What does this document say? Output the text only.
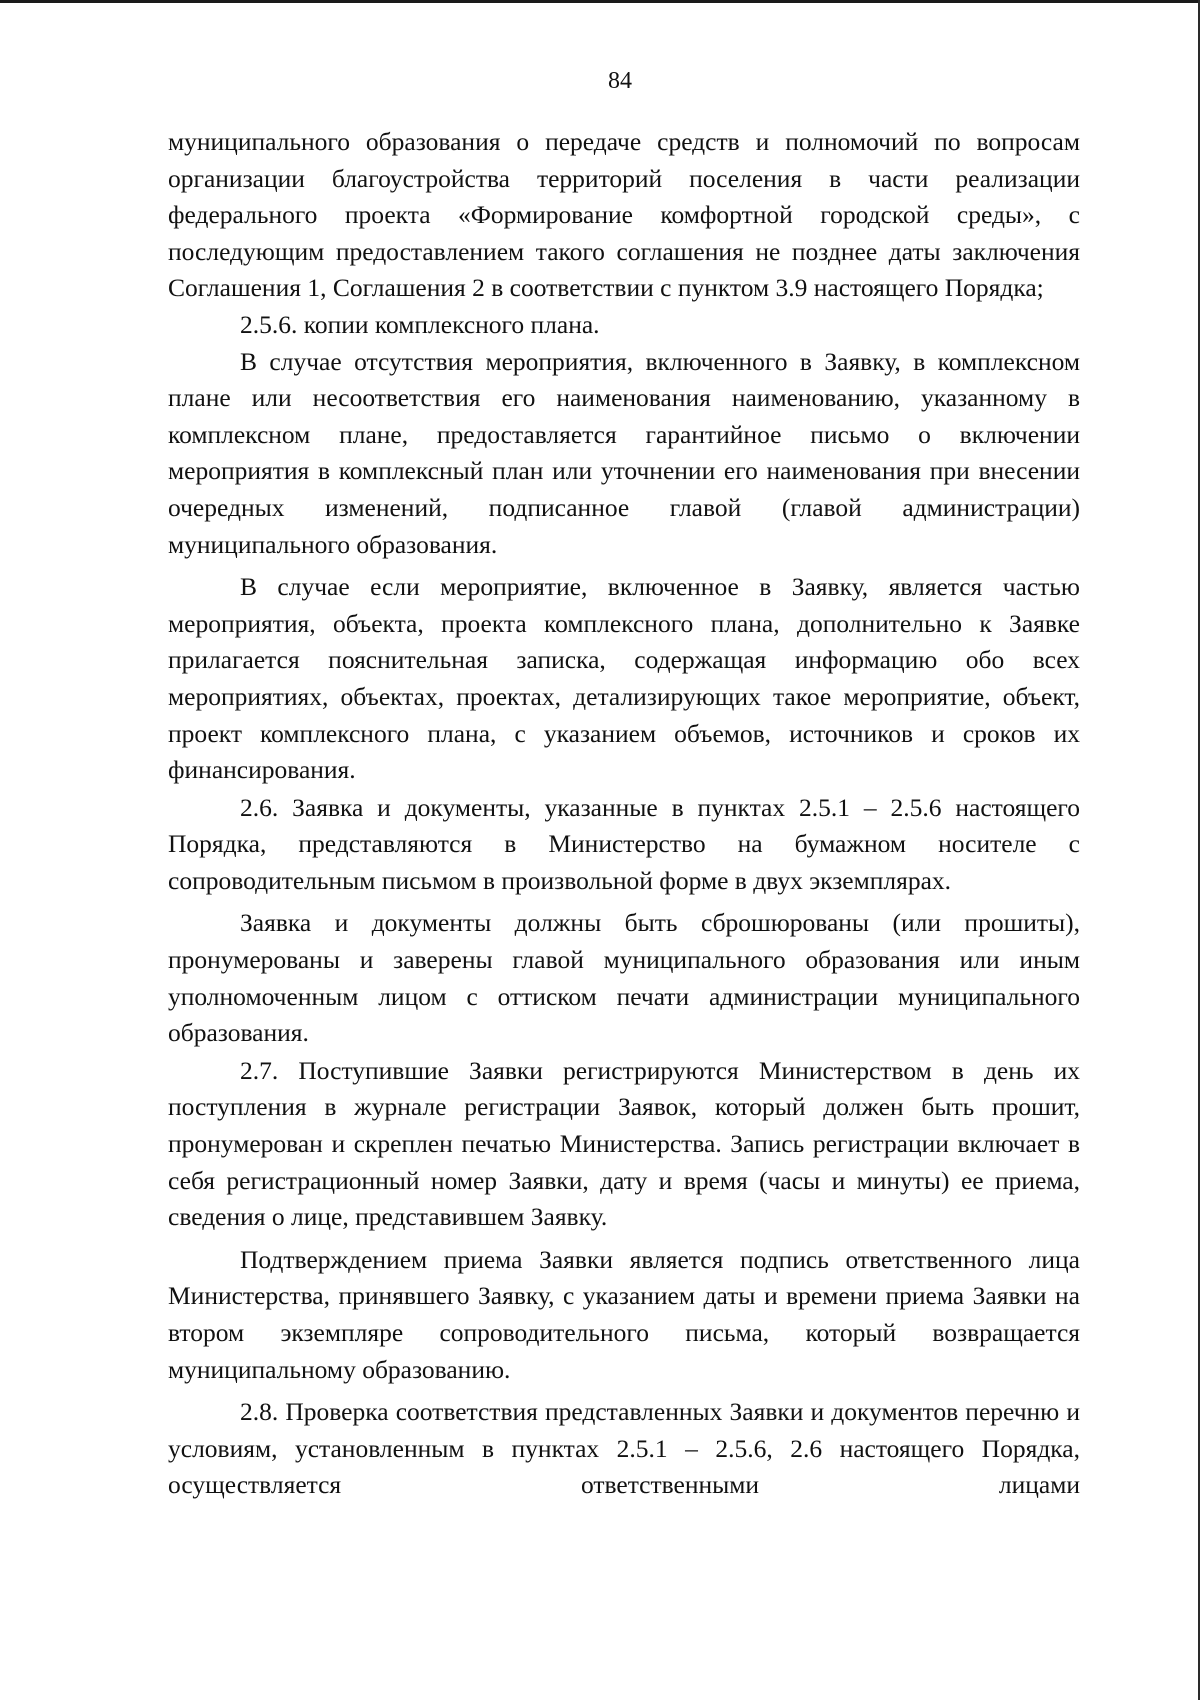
84

муниципального образования о передаче средств и полномочий по вопросам организации благоустройства территорий поселения в части реализации федерального проекта «Формирование комфортной городской среды», с последующим предоставлением такого соглашения не позднее даты заключения Соглашения 1, Соглашения 2 в соответствии с пунктом 3.9 настоящего Порядка;

2.5.6. копии комплексного плана.

В случае отсутствия мероприятия, включенного в Заявку, в комплексном плане или несоответствия его наименования наименованию, указанному в комплексном плане, предоставляется гарантийное письмо о включении мероприятия в комплексный план или уточнении его наименования при внесении очередных изменений, подписанное главой (главой администрации) муниципального образования.

В случае если мероприятие, включенное в Заявку, является частью мероприятия, объекта, проекта комплексного плана, дополнительно к Заявке прилагается пояснительная записка, содержащая информацию обо всех мероприятиях, объектах, проектах, детализирующих такое мероприятие, объект, проект комплексного плана, с указанием объемов, источников и сроков их финансирования.

2.6. Заявка и документы, указанные в пунктах 2.5.1 – 2.5.6 настоящего Порядка, представляются в Министерство на бумажном носителе с сопроводительным письмом в произвольной форме в двух экземплярах.

Заявка и документы должны быть сброшюрованы (или прошиты), пронумерованы и заверены главой муниципального образования или иным уполномоченным лицом с оттиском печати администрации муниципального образования.

2.7. Поступившие Заявки регистрируются Министерством в день их поступления в журнале регистрации Заявок, который должен быть прошит, пронумерован и скреплен печатью Министерства. Запись регистрации включает в себя регистрационный номер Заявки, дату и время (часы и минуты) ее приема, сведения о лице, представившем Заявку.

Подтверждением приема Заявки является подпись ответственного лица Министерства, принявшего Заявку, с указанием даты и времени приема Заявки на втором экземпляре сопроводительного письма, который возвращается муниципальному образованию.

2.8. Проверка соответствия представленных Заявки и документов перечню и условиям, установленным в пунктах 2.5.1 – 2.5.6, 2.6 настоящего Порядка, осуществляется ответственными лицами
